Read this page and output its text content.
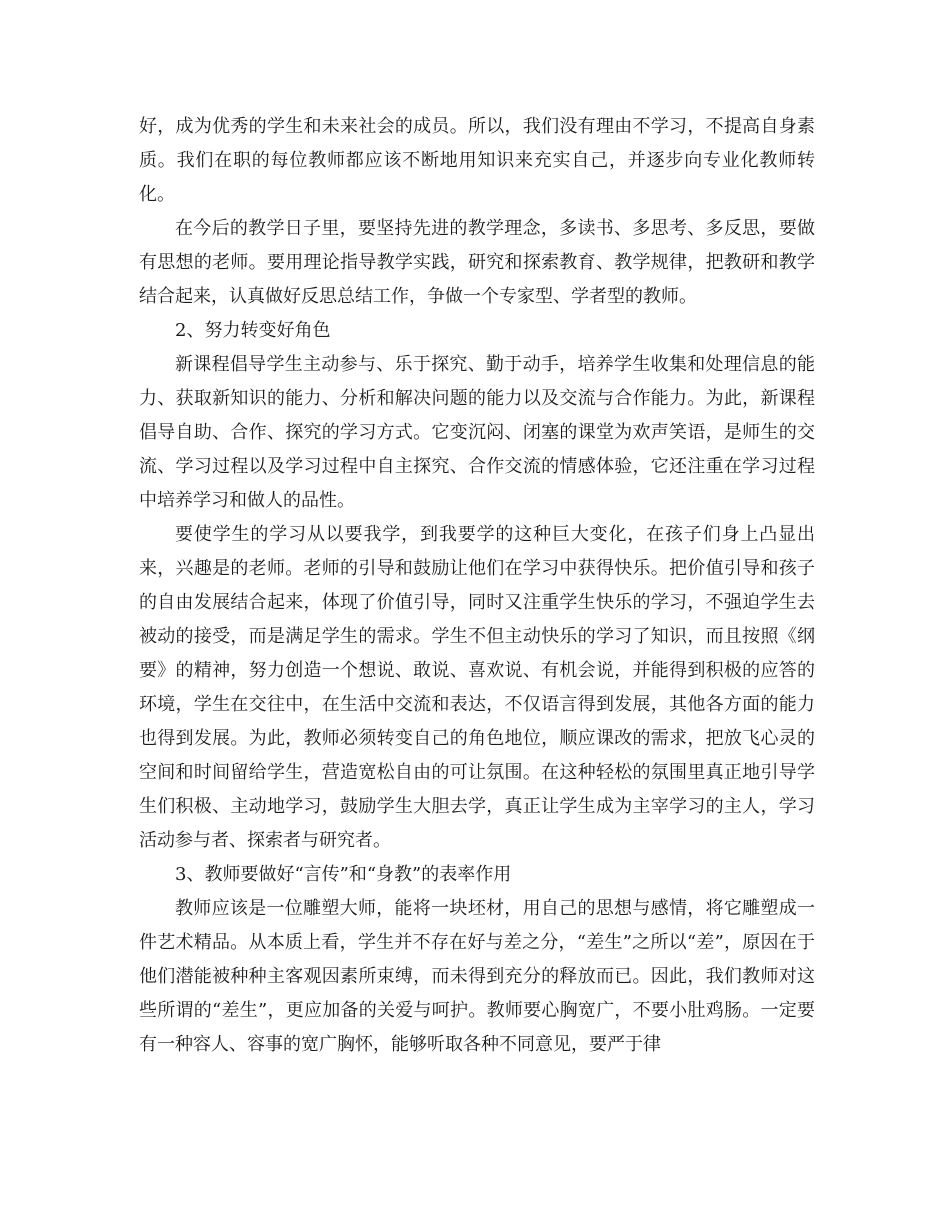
好，成为优秀的学生和未来社会的成员。所以，我们没有理由不学习，不提高自身素质。我们在职的每位教师都应该不断地用知识来充实自己，并逐步向专业化教师转化。

在今后的教学日子里，要坚持先进的教学理念，多读书、多思考、多反思，要做有思想的老师。要用理论指导教学实践，研究和探索教育、教学规律，把教研和教学结合起来，认真做好反思总结工作，争做一个专家型、学者型的教师。

2、努力转变好角色

新课程倡导学生主动参与、乐于探究、勤于动手，培养学生收集和处理信息的能力、获取新知识的能力、分析和解决问题的能力以及交流与合作能力。为此，新课程倡导自助、合作、探究的学习方式。它变沉闷、闭塞的课堂为欢声笑语，是师生的交流、学习过程以及学习过程中自主探究、合作交流的情感体验，它还注重在学习过程中培养学习和做人的品性。

要使学生的学习从以要我学，到我要学的这种巨大变化，在孩子们身上凸显出来，兴趣是的老师。老师的引导和鼓励让他们在学习中获得快乐。把价值引导和孩子的自由发展结合起来，体现了价值引导，同时又注重学生快乐的学习，不强迫学生去被动的接受，而是满足学生的需求。学生不但主动快乐的学习了知识，而且按照《纲要》的精神，努力创造一个想说、敢说、喜欢说、有机会说，并能得到积极的应答的环境，学生在交往中，在生活中交流和表达，不仅语言得到发展，其他各方面的能力也得到发展。为此，教师必须转变自己的角色地位，顺应课改的需求，把放飞心灵的空间和时间留给学生，营造宽松自由的可让氛围。在这种轻松的氛围里真正地引导学生们积极、主动地学习，鼓励学生大胆去学，真正让学生成为主宰学习的主人，学习活动参与者、探索者与研究者。

3、教师要做好“言传”和“身教”的表率作用

教师应该是一位雕塑大师，能将一块坯材，用自己的思想与感情，将它雕塑成一件艺术精品。从本质上看，学生并不存在好与差之分，“差生”之所以“差”，原因在于他们潜能被种种主客观因素所束缚，而未得到充分的释放而已。因此，我们教师对这些所谓的“差生”，更应加备的关爱与呵护。教师要心胸宽广，不要小肚鸡肠。一定要有一种容人、容事的宽广胸怀，能够听取各种不同意见，要严于律
